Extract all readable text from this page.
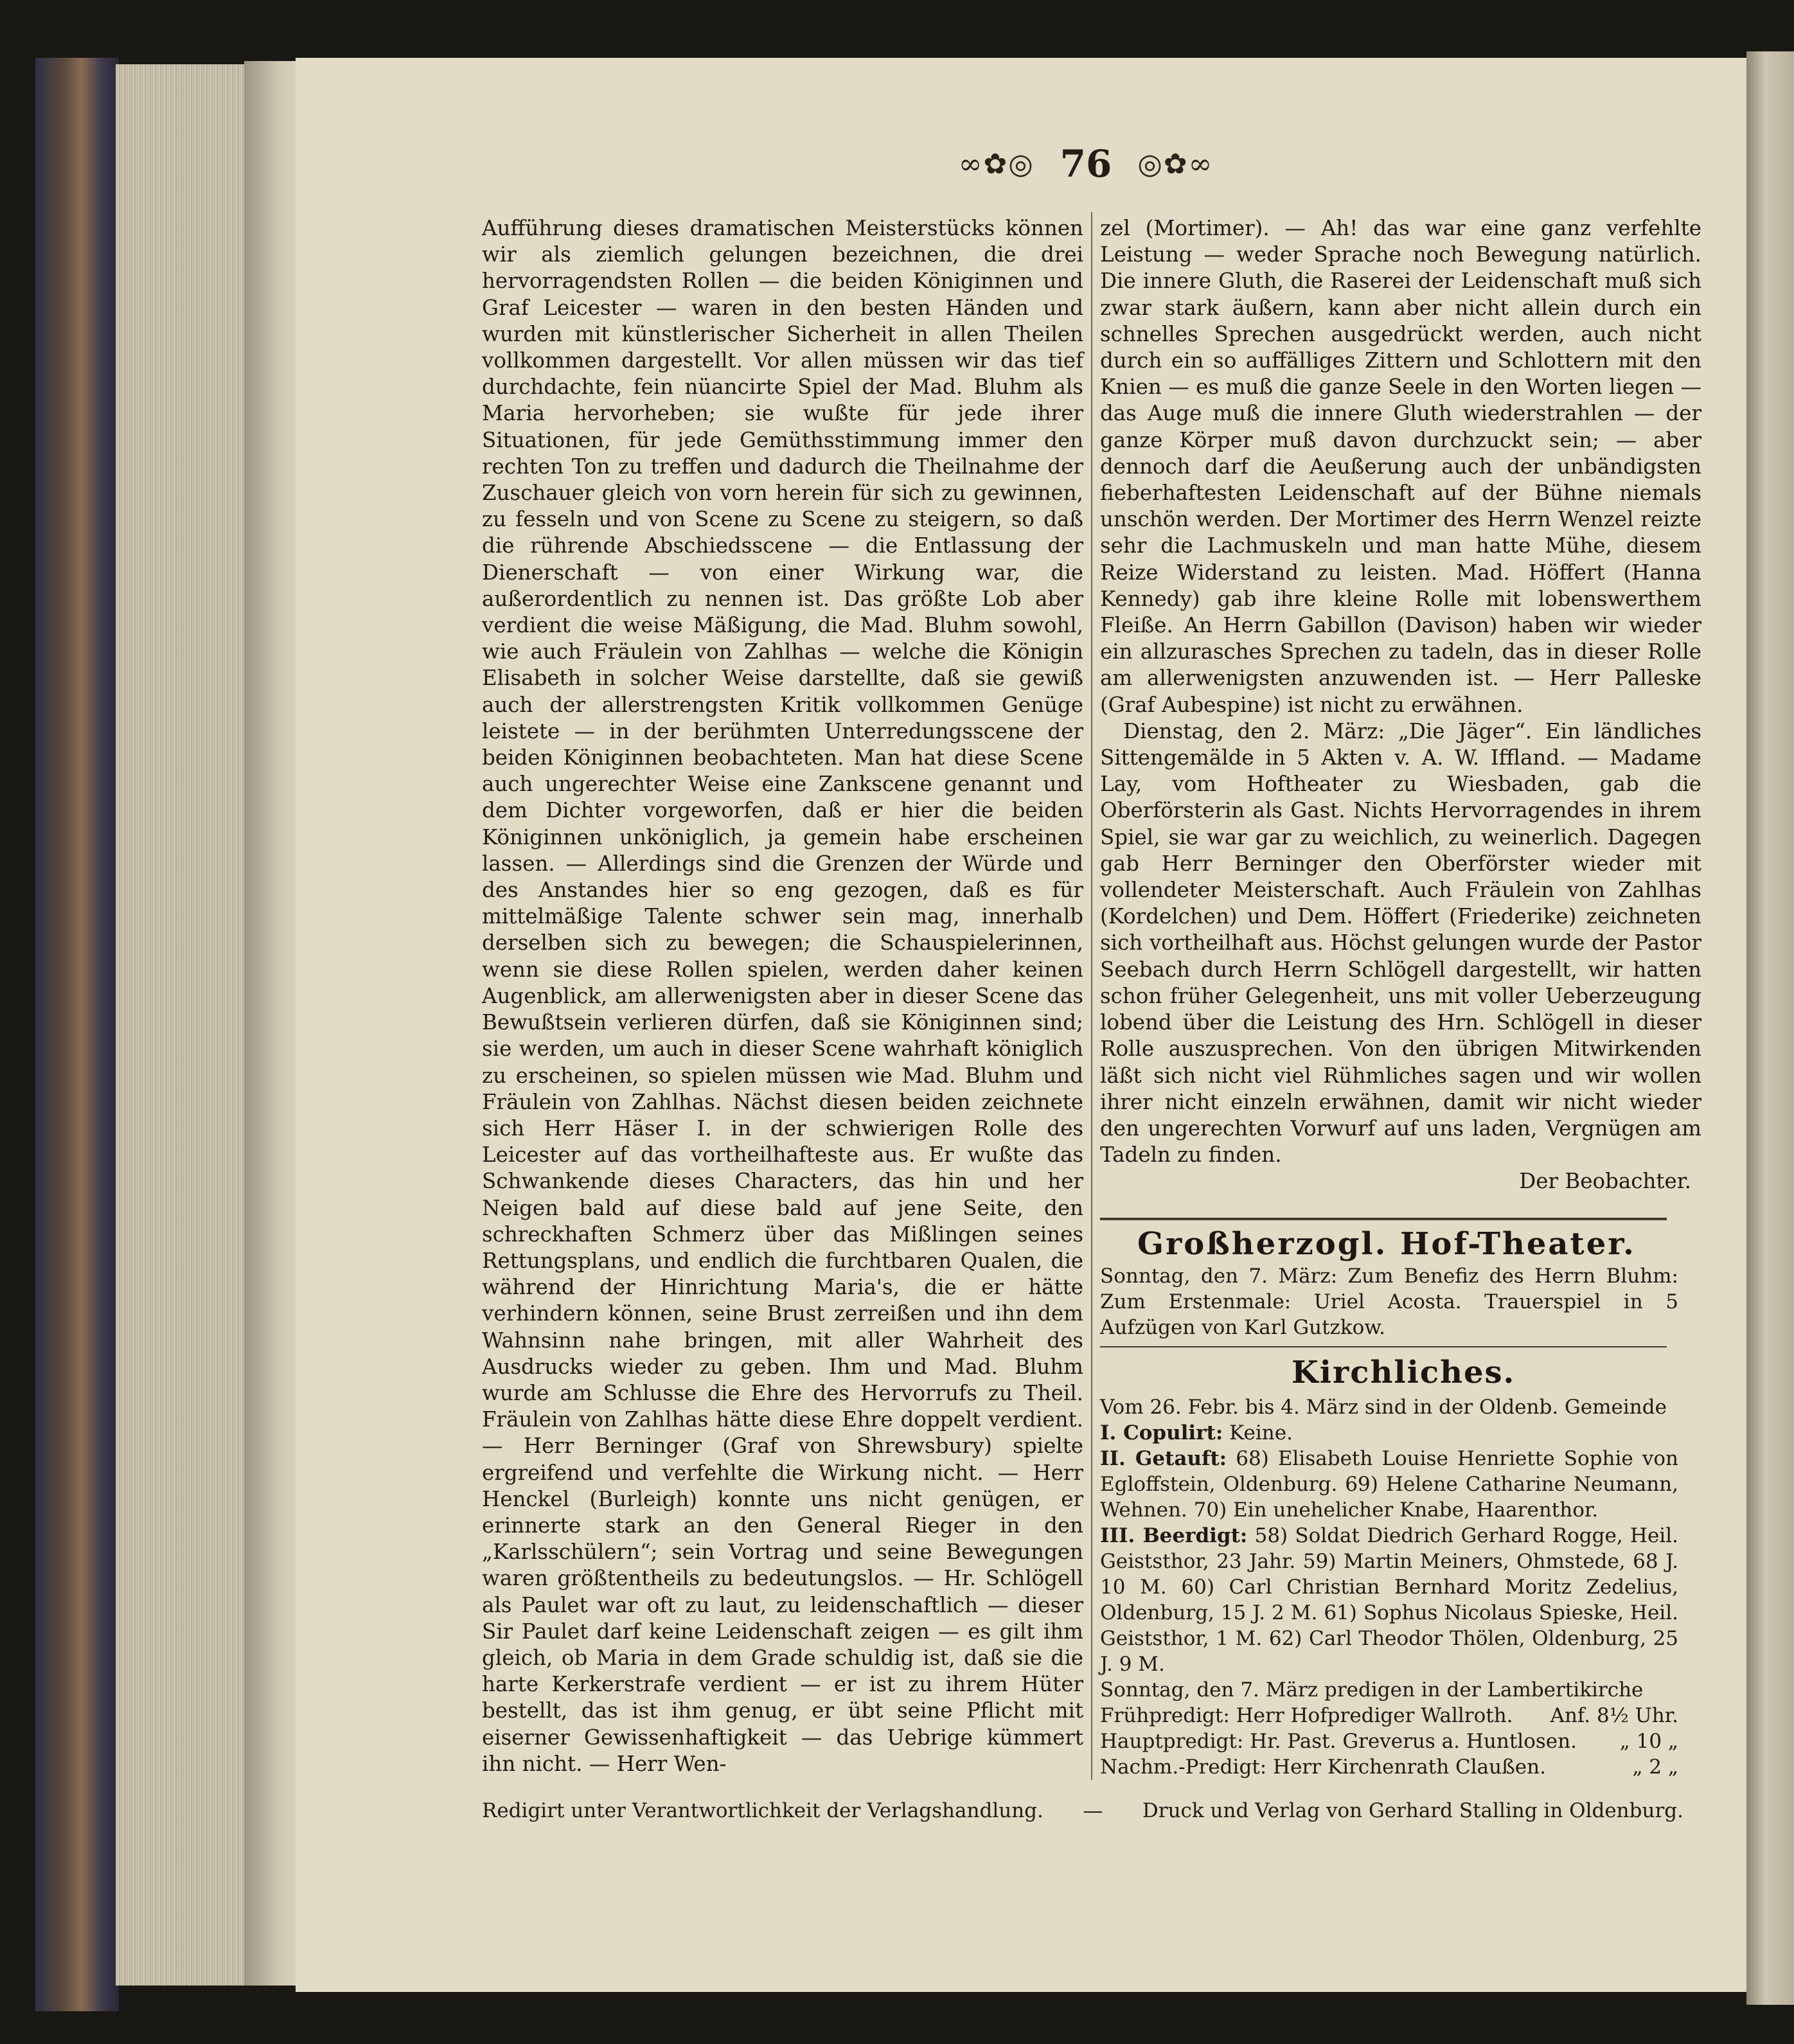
∞✿◎ 76 ◎✿∞

Aufführung dieses dramatischen Meisterstücks können wir als ziemlich gelungen bezeichnen, die drei hervorragendsten Rollen — die beiden Königinnen und Graf Leicester — waren in den besten Händen und wurden mit künstlerischer Sicherheit in allen Theilen vollkommen dargestellt. Vor allen müssen wir das tief durchdachte, fein nüancirte Spiel der Mad. Bluhm als Maria hervorheben; sie wußte für jede ihrer Situationen, für jede Gemüthsstimmung immer den rechten Ton zu treffen und dadurch die Theilnahme der Zuschauer gleich von vorn herein für sich zu gewinnen, zu fesseln und von Scene zu Scene zu steigern, so daß die rührende Abschiedsscene — die Entlassung der Dienerschaft — von einer Wirkung war, die außerordentlich zu nennen ist. Das größte Lob aber verdient die weise Mäßigung, die Mad. Bluhm sowohl, wie auch Fräulein von Zahlhas — welche die Königin Elisabeth in solcher Weise darstellte, daß sie gewiß auch der allerstrengsten Kritik vollkommen Genüge leistete — in der berühmten Unterredungsscene der beiden Königinnen beobachteten. Man hat diese Scene auch ungerechter Weise eine Zankscene genannt und dem Dichter vorgeworfen, daß er hier die beiden Königinnen unköniglich, ja gemein habe erscheinen lassen. — Allerdings sind die Grenzen der Würde und des Anstandes hier so eng gezogen, daß es für mittelmäßige Talente schwer sein mag, innerhalb derselben sich zu bewegen; die Schauspielerinnen, wenn sie diese Rollen spielen, werden daher keinen Augenblick, am allerwenigsten aber in dieser Scene das Bewußtsein verlieren dürfen, daß sie Königinnen sind; sie werden, um auch in dieser Scene wahrhaft königlich zu erscheinen, so spielen müssen wie Mad. Bluhm und Fräulein von Zahlhas. Nächst diesen beiden zeichnete sich Herr Häser I. in der schwierigen Rolle des Leicester auf das vortheilhafteste aus. Er wußte das Schwankende dieses Characters, das hin und her Neigen bald auf diese bald auf jene Seite, den schreckhaften Schmerz über das Mißlingen seines Rettungsplans, und endlich die furchtbaren Qualen, die während der Hinrichtung Maria's, die er hätte verhindern können, seine Brust zerreißen und ihn dem Wahnsinn nahe bringen, mit aller Wahrheit des Ausdrucks wieder zu geben. Ihm und Mad. Bluhm wurde am Schlusse die Ehre des Hervorrufs zu Theil. Fräulein von Zahlhas hätte diese Ehre doppelt verdient. — Herr Berninger (Graf von Shrewsbury) spielte ergreifend und verfehlte die Wirkung nicht. — Herr Henckel (Burleigh) konnte uns nicht genügen, er erinnerte stark an den General Rieger in den „Karlsschülern“; sein Vortrag und seine Bewegungen waren größtentheils zu bedeutungslos. — Hr. Schlögell als Paulet war oft zu laut, zu leidenschaftlich — dieser Sir Paulet darf keine Leidenschaft zeigen — es gilt ihm gleich, ob Maria in dem Grade schuldig ist, daß sie die harte Kerkerstrafe verdient — er ist zu ihrem Hüter bestellt, das ist ihm genug, er übt seine Pflicht mit eiserner Gewissenhaftigkeit — das Uebrige kümmert ihn nicht. — Herr Wen-

zel (Mortimer). — Ah! das war eine ganz verfehlte Leistung — weder Sprache noch Bewegung natürlich. Die innere Gluth, die Raserei der Leidenschaft muß sich zwar stark äußern, kann aber nicht allein durch ein schnelles Sprechen ausgedrückt werden, auch nicht durch ein so auffälliges Zittern und Schlottern mit den Knien — es muß die ganze Seele in den Worten liegen — das Auge muß die innere Gluth wiederstrahlen — der ganze Körper muß davon durchzuckt sein; — aber dennoch darf die Aeußerung auch der unbändigsten fieberhaftesten Leidenschaft auf der Bühne niemals unschön werden. Der Mortimer des Herrn Wenzel reizte sehr die Lachmuskeln und man hatte Mühe, diesem Reize Widerstand zu leisten. Mad. Höffert (Hanna Kennedy) gab ihre kleine Rolle mit lobenswerthem Fleiße. An Herrn Gabillon (Davison) haben wir wieder ein allzurasches Sprechen zu tadeln, das in dieser Rolle am allerwenigsten anzuwenden ist. — Herr Palleske (Graf Aubespine) ist nicht zu erwähnen.

Dienstag, den 2. März: „Die Jäger“. Ein ländliches Sittengemälde in 5 Akten v. A. W. Iffland. — Madame Lay, vom Hoftheater zu Wiesbaden, gab die Oberförsterin als Gast. Nichts Hervorragendes in ihrem Spiel, sie war gar zu weichlich, zu weinerlich. Dagegen gab Herr Berninger den Oberförster wieder mit vollendeter Meisterschaft. Auch Fräulein von Zahlhas (Kordelchen) und Dem. Höffert (Friederike) zeichneten sich vortheilhaft aus. Höchst gelungen wurde der Pastor Seebach durch Herrn Schlögell dargestellt, wir hatten schon früher Gelegenheit, uns mit voller Ueberzeugung lobend über die Leistung des Hrn. Schlögell in dieser Rolle auszusprechen. Von den übrigen Mitwirkenden läßt sich nicht viel Rühmliches sagen und wir wollen ihrer nicht einzeln erwähnen, damit wir nicht wieder den ungerechten Vorwurf auf uns laden, Vergnügen am Tadeln zu finden.

Der Beobachter.

Großherzogl. Hof-Theater.

Sonntag, den 7. März: Zum Benefiz des Herrn Bluhm: Zum Erstenmale: Uriel Acosta. Trauerspiel in 5 Aufzügen von Karl Gutzkow.

Kirchliches.

Vom 26. Febr. bis 4. März sind in der Oldenb. Gemeinde

I. Copulirt: Keine.

II. Getauft: 68) Elisabeth Louise Henriette Sophie von Egloffstein, Oldenburg. 69) Helene Catharine Neumann, Wehnen. 70) Ein unehelicher Knabe, Haarenthor.

III. Beerdigt: 58) Soldat Diedrich Gerhard Rogge, Heil. Geiststhor, 23 Jahr. 59) Martin Meiners, Ohmstede, 68 J. 10 M. 60) Carl Christian Bernhard Moritz Zedelius, Oldenburg, 15 J. 2 M. 61) Sophus Nicolaus Spieske, Heil. Geiststhor, 1 M. 62) Carl Theodor Thölen, Oldenburg, 25 J. 9 M.

Sonntag, den 7. März predigen in der Lambertikirche

Frühpredigt: Herr Hofprediger Wallroth. Anf. 8½ Uhr.
Hauptpredigt: Hr. Past. Greverus a. Huntlosen. „ 10 „
Nachm.-Predigt: Herr Kirchenrath Claußen.	„ 2 „
Redigirt unter Verantwortlichkeit der Verlagshandlung. — Druck und Verlag von Gerhard Stalling in Oldenburg.
